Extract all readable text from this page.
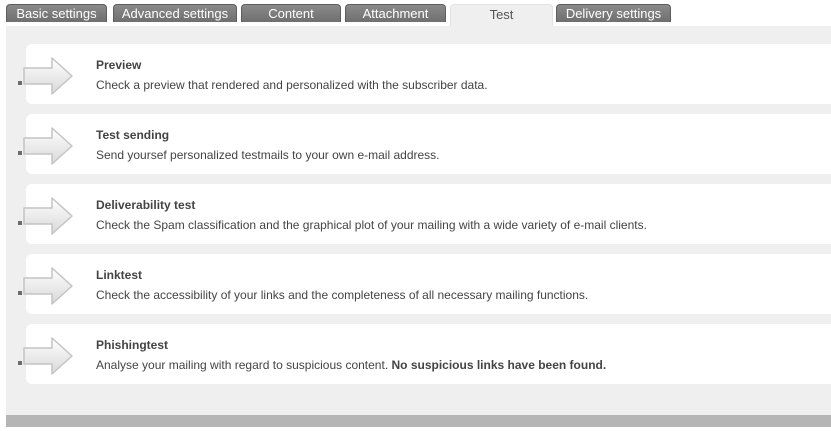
Basic settings	Advanced settings	Content	Attachment	Test	Delivery settings
Preview
Check a preview that rendered and personalized with the subscriber data.
Test sending
Send yoursef personalized testmails to your own e-mail address.
Deliverability test
Check the Spam classification and the graphical plot of your mailing with a wide variety of e-mail clients.
Linktest
Check the accessibility of your links and the completeness of all necessary mailing functions.
Phishingtest
Analyse your mailing with regard to suspicious content. No suspicious links have been found.
